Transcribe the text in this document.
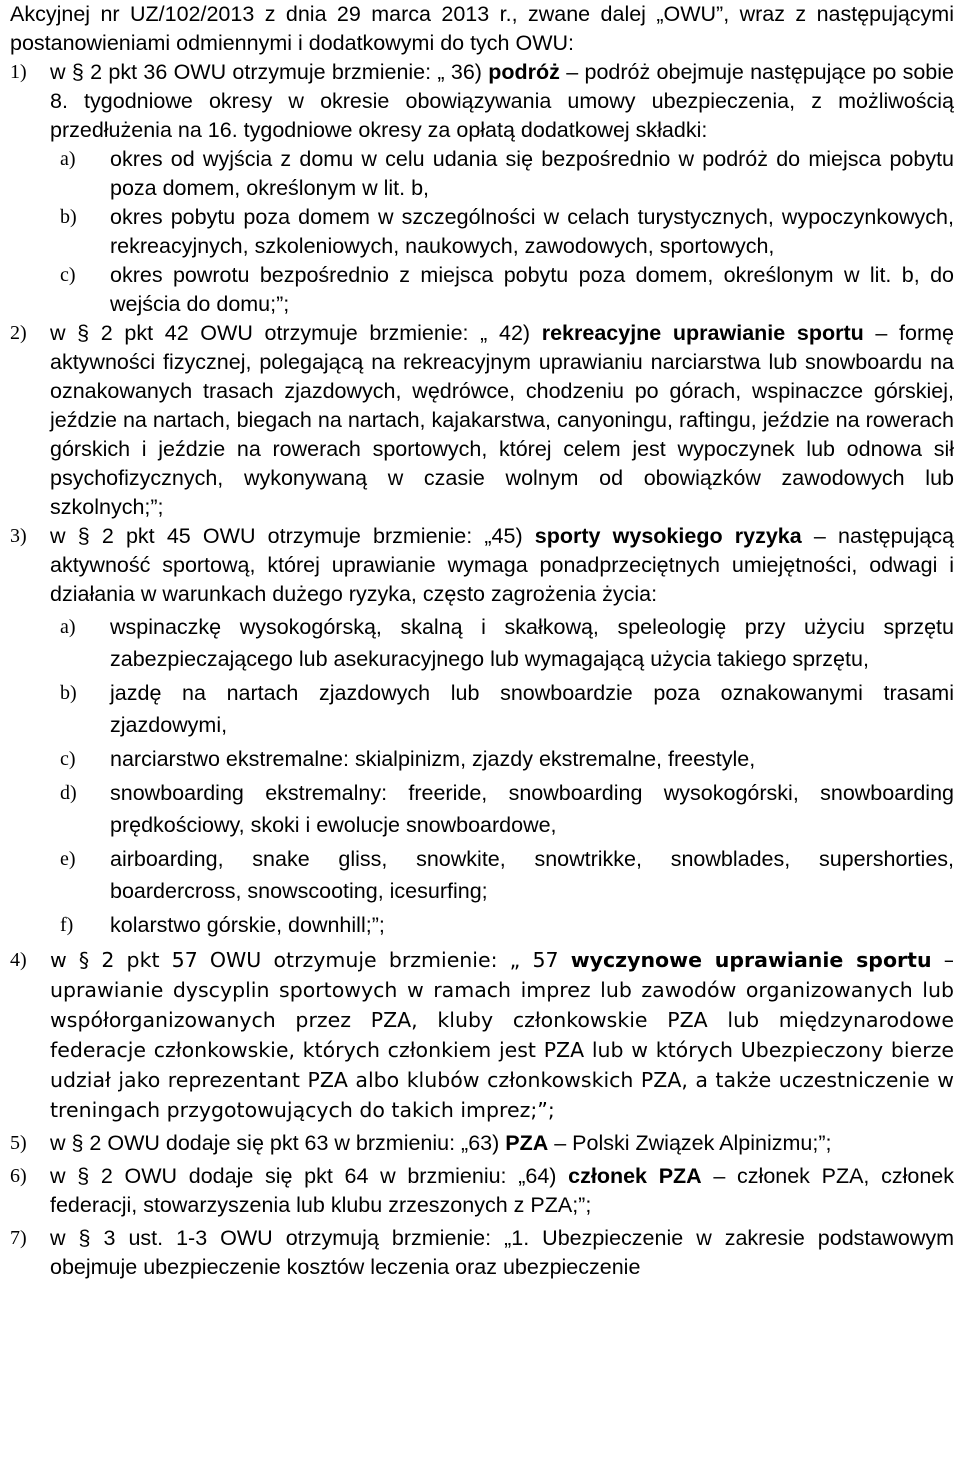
Akcyjnej nr UZ/102/2013 z dnia 29 marca 2013 r., zwane dalej „OWU”, wraz z następującymi postanowieniami odmiennymi i dodatkowymi do tych OWU:

1)	w § 2 pkt 36 OWU otrzymuje brzmienie: „ 36) podróż – podróż obejmuje następujące po sobie 8. tygodniowe okresy w okresie obowiązywania umowy ubezpieczenia, z możliwością przedłużenia na 16. tygodniowe okresy za opłatą dodatkowej składki:
a)	okres od wyjścia z domu w celu udania się bezpośrednio w podróż do miejsca pobytu poza domem, określonym w lit. b,
b)	okres pobytu poza domem w szczególności w celach turystycznych, wypoczynkowych, rekreacyjnych, szkoleniowych, naukowych, zawodowych, sportowych,
c)	okres powrotu bezpośrednio z miejsca pobytu poza domem, określonym w lit. b, do wejścia do domu;”;
2)	w § 2 pkt 42 OWU otrzymuje brzmienie: „ 42) rekreacyjne uprawianie sportu – formę aktywności fizycznej, polegającą na rekreacyjnym uprawianiu narciarstwa lub snowboardu na oznakowanych trasach zjazdowych, wędrówce, chodzeniu po górach, wspinaczce górskiej, jeździe na nartach, biegach na nartach, kajakarstwa, canyoningu, raftingu, jeździe na rowerach górskich i jeździe na rowerach sportowych, której celem jest wypoczynek lub odnowa sił psychofizycznych, wykonywaną w czasie wolnym od obowiązków zawodowych lub szkolnych;”;
3)	w § 2 pkt 45 OWU otrzymuje brzmienie: „45) sporty wysokiego ryzyka – następującą aktywność sportową, której uprawianie wymaga ponadprzeciętnych umiejętności, odwagi i działania w warunkach dużego ryzyka, często zagrożenia życia:
a)	wspinaczkę wysokogórską, skalną i skałkową, speleologię przy użyciu sprzętu zabezpieczającego lub asekuracyjnego lub wymagającą użycia takiego sprzętu,
b)	jazdę na nartach zjazdowych lub snowboardzie poza oznakowanymi trasami zjazdowymi,
c)	narciarstwo ekstremalne: skialpinizm, zjazdy ekstremalne, freestyle,
d)	snowboarding ekstremalny: freeride, snowboarding wysokogórski, snowboarding prędkościowy, skoki i ewolucje snowboardowe,
e)	airboarding, snake gliss, snowkite, snowtrikke, snowblades, supershorties, boardercross, snowscooting, icesurfing;
f)	kolarstwo górskie, downhill;”;
4)	w § 2 pkt 57 OWU otrzymuje brzmienie: „ 57 wyczynowe uprawianie sportu – uprawianie dyscyplin sportowych w ramach imprez lub zawodów organizowanych lub współorganizowanych przez PZA, kluby członkowskie PZA lub międzynarodowe federacje członkowskie, których członkiem jest PZA lub w których Ubezpieczony bierze udział jako reprezentant PZA albo klubów członkowskich PZA, a także uczestniczenie w treningach przygotowujących do takich imprez;”;
5)	w § 2 OWU dodaje się pkt 63 w brzmieniu: „63) PZA – Polski Związek Alpinizmu;”;
6)	w § 2 OWU dodaje się pkt 64 w brzmieniu: „64) członek PZA – członek PZA, członek federacji, stowarzyszenia lub klubu zrzeszonych z PZA;”;
7)	w § 3 ust. 1-3 OWU otrzymują brzmienie: „1. Ubezpieczenie w zakresie podstawowym obejmuje ubezpieczenie kosztów leczenia oraz ubezpieczenie
